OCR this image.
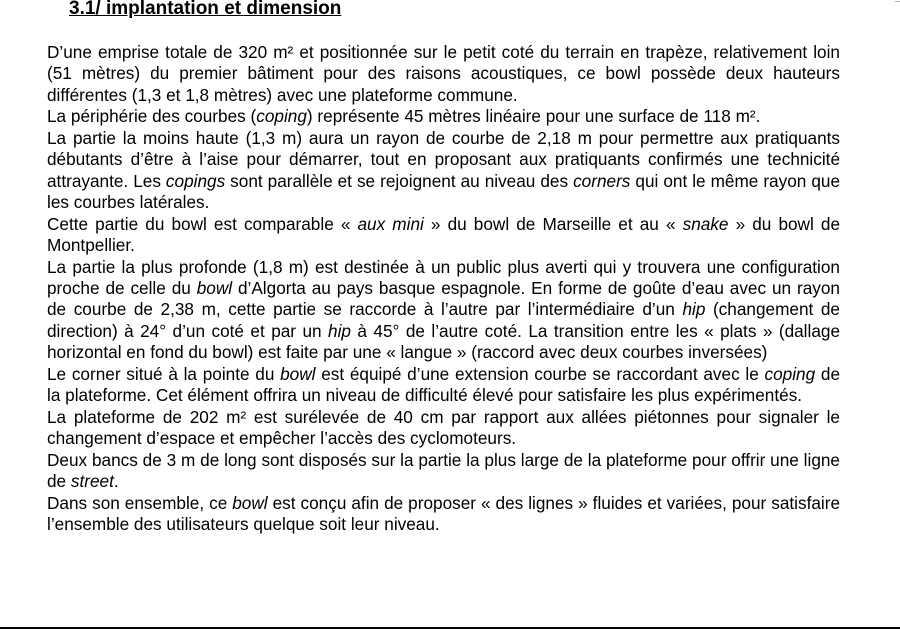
3.1/ implantation et dimension

D’une emprise totale de 320 m² et positionnée sur le petit coté du terrain en trapèze, relativement loin (51 mètres) du premier bâtiment pour des raisons acoustiques, ce bowl possède deux hauteurs différentes (1,3 et 1,8 mètres) avec une plateforme commune.

La périphérie des courbes (coping) représente 45 mètres linéaire pour une surface de 118 m².

La partie la moins haute (1,3 m) aura un rayon de courbe de 2,18 m pour permettre aux pratiquants débutants d’être à l’aise pour démarrer, tout en proposant aux pratiquants confirmés une technicité attrayante. Les copings sont parallèle et se rejoignent au niveau des corners qui ont le même rayon que les courbes latérales.

Cette partie du bowl est comparable « aux mini » du bowl de Marseille et au « snake » du bowl de Montpellier.

La partie la plus profonde (1,8 m) est destinée à un public plus averti qui y trouvera une configuration proche de celle du bowl d’Algorta au pays basque espagnole. En forme de goûte d’eau avec un rayon de courbe de 2,38 m, cette partie se raccorde à l’autre par l’intermédiaire d’un hip (changement de direction) à 24° d’un coté et par un hip à 45° de l’autre coté. La transition entre les « plats » (dallage horizontal en fond du bowl) est faite par une « langue » (raccord avec deux courbes inversées)

Le corner situé à la pointe du bowl est équipé d’une extension courbe se raccordant avec le coping de la plateforme. Cet élément offrira un niveau de difficulté élevé pour satisfaire les plus expérimentés.

La plateforme de 202 m² est surélevée de 40 cm par rapport aux allées piétonnes pour signaler le changement d’espace et empêcher l’accès des cyclomoteurs.

Deux bancs de 3 m de long sont disposés sur la partie la plus large de la plateforme pour offrir une ligne de street.

Dans son ensemble, ce bowl est conçu afin de proposer « des lignes » fluides et variées, pour satisfaire l’ensemble des utilisateurs quelque soit leur niveau.
